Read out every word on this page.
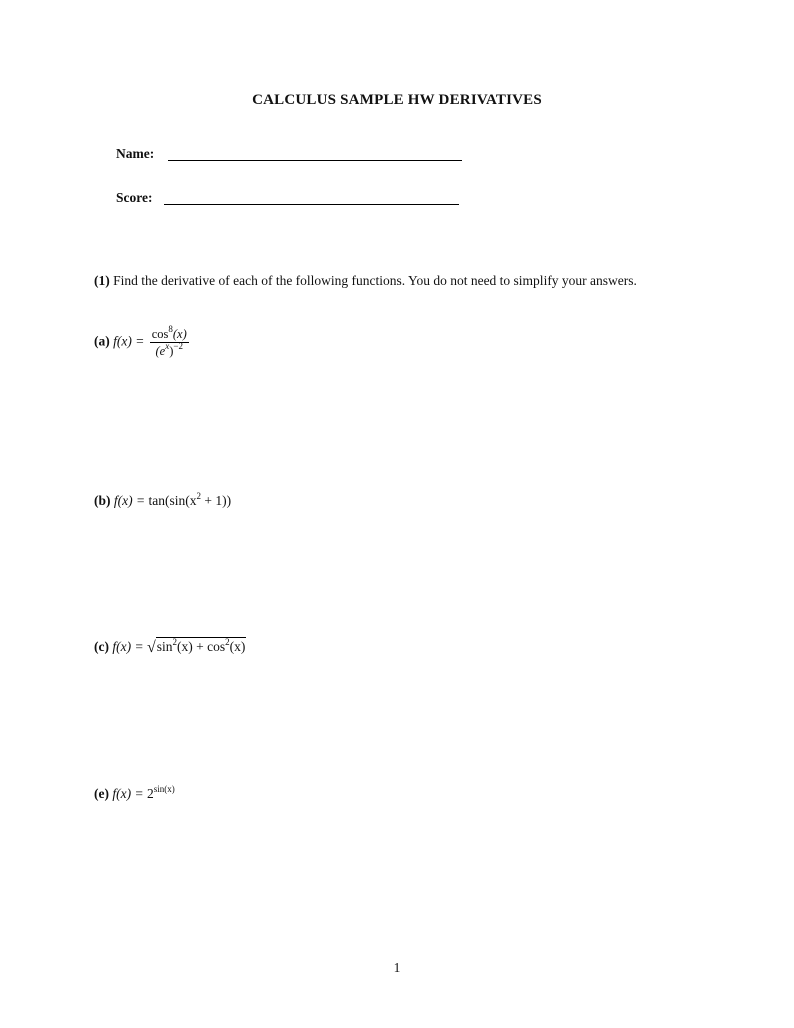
CALCULUS SAMPLE HW DERIVATIVES
Name:
Score:
(1) Find the derivative of each of the following functions. You do not need to simplify your answers.
(a) $f(x) = \frac{\cos^8(x)}{(e^x)^{-2}}$
(b) $f(x) = \tan(\sin(x^2 + 1))$
(c) $f(x) = √\sin^2(x) + \cos^2(x)$
(e) $f(x) = 2^{sin(x)}$
1
